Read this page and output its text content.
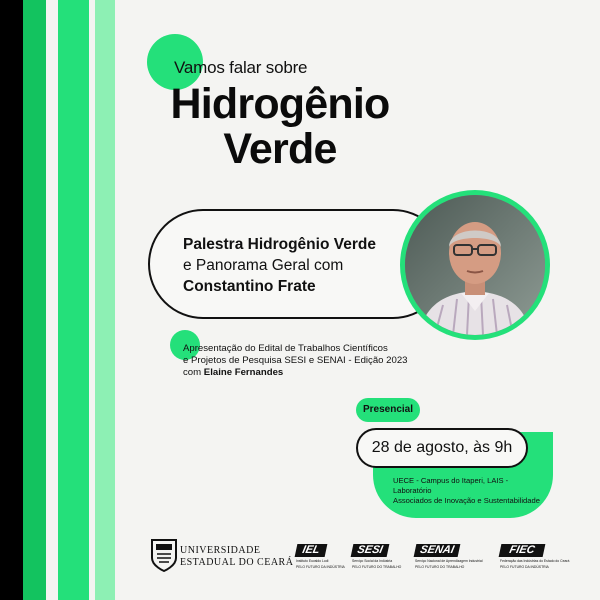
Vamos falar sobre
Hidrogênio
Verde
Palestra Hidrogênio Verde
e Panorama Geral com
Constantino Frate
Apresentação do Edital de Trabalhos Científicos
e Projetos de Pesquisa SESI e SENAI - Edição 2023
com Elaine Fernandes
Presencial
28 de agosto, às 9h
UECE - Campus do Itaperi, LAIS - Laboratório
Associados de Inovação e Sustentabilidade
UNIVERSIDADE
ESTADUAL DO CEARÁ
IEL
Instituto Euvaldo Lodi
PELO FUTURO DA INDÚSTRIA
SESI
Serviço Social da Indústria
PELO FUTURO DO TRABALHO
SENAI
Serviço Nacional de Aprendizagem Industrial
PELO FUTURO DO TRABALHO
FIEC
Federação das Indústrias do Estado do Ceará
PELO FUTURO DA INDÚSTRIA
